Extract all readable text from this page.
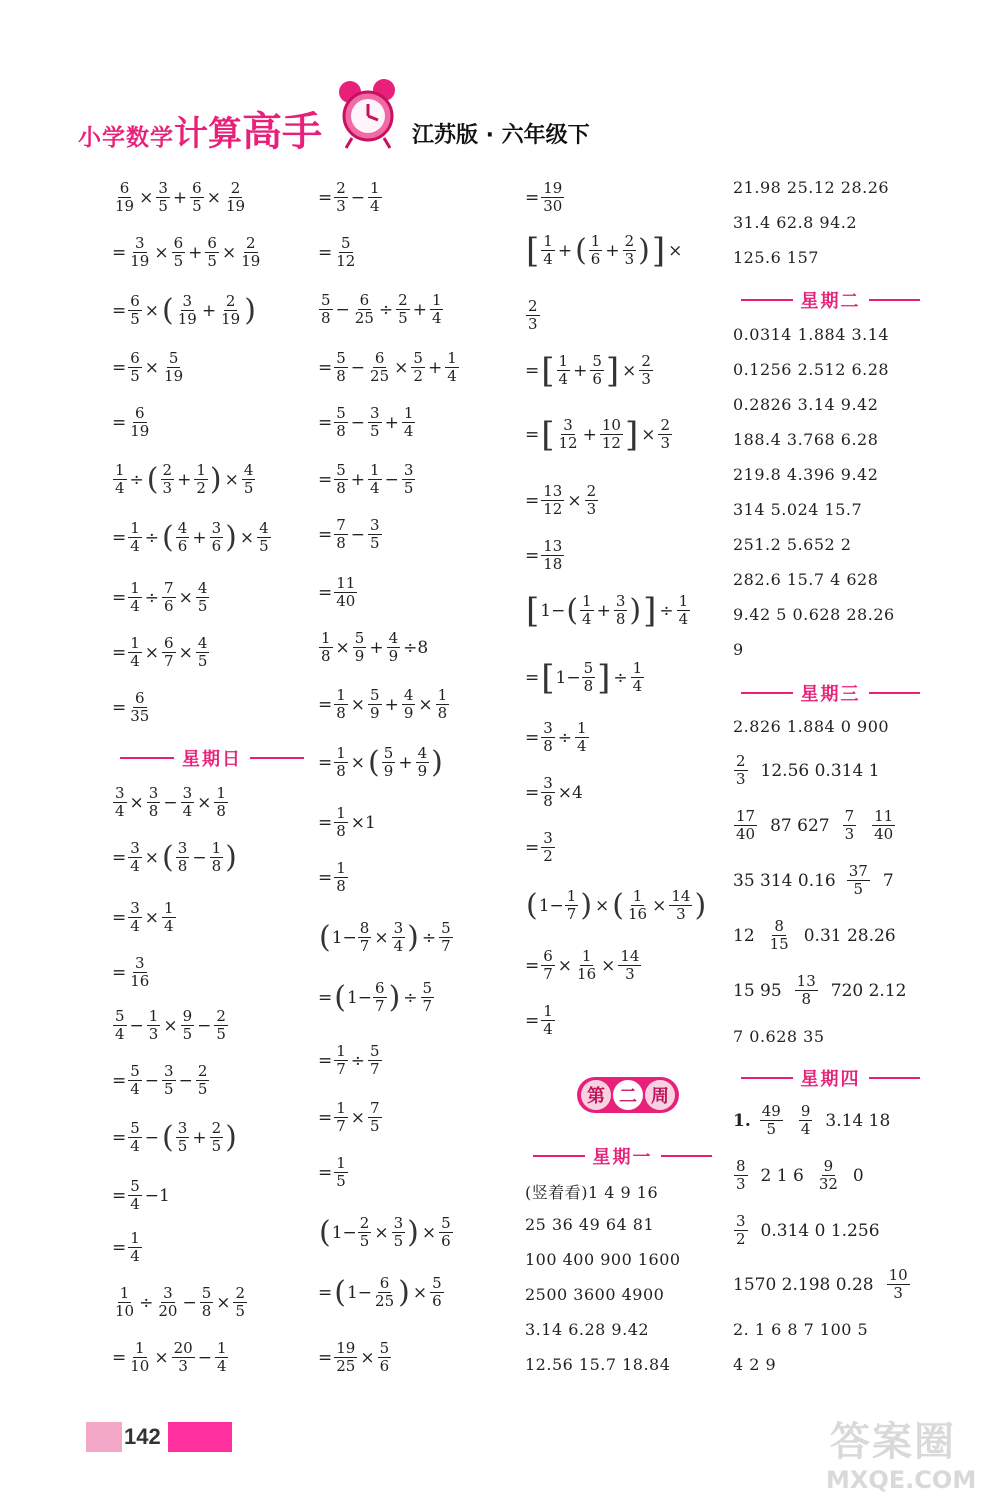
小学数学计算高手	江苏版 · 六年级下
$\frac{6}{19} \times \frac{3}{5} + \frac{6}{5} \times \frac{2}{19}$
= $\frac{3}{19} \times \frac{6}{5} + \frac{6}{5} \times \frac{2}{19}$
= $\frac{6}{5}$ × ( $\frac{3}{19} + \frac{2}{19}$ )
= $\frac{6}{5} \times \frac{5}{19}$
= $\frac{6}{19}$
$\frac{1}{4}$ ÷ ( $\frac{2}{3} + \frac{1}{2}$ ) × $\frac{4}{5}$
= $\frac{1}{4}$ ÷ ( $\frac{4}{6} + \frac{3}{6}$ ) × $\frac{4}{5}$
= $\frac{1}{4} \div \frac{7}{6} \times \frac{4}{5}$
= $\frac{1}{4} \times \frac{6}{7} \times \frac{4}{5}$
= $\frac{6}{35}$
星期日
$\frac{3}{4} \times \frac{3}{8} - \frac{3}{4} \times \frac{1}{8}$
= $\frac{3}{4}$ × ( $\frac{3}{8} - \frac{1}{8}$ )
= $\frac{3}{4} \times \frac{1}{4}$
= $\frac{3}{16}$
$\frac{5}{4} - \frac{1}{3} \times \frac{9}{5} - \frac{2}{5}$
= $\frac{5}{4} - \frac{3}{5} - \frac{2}{5}$
= $\frac{5}{4}$ − ( $\frac{3}{5} + \frac{2}{5}$ )
= $\frac{5}{4} -1$
= $\frac{1}{4}$
$\frac{1}{10} \div \frac{3}{20} - \frac{5}{8} \times \frac{2}{5}$
= $\frac{1}{10} \times \frac{20}{3} - \frac{1}{4}$
= $\frac{2}{3} - \frac{1}{4}$
= $\frac{5}{12}$
$\frac{5}{8} - \frac{6}{25} \div \frac{2}{5} + \frac{1}{4}$
= $\frac{5}{8} - \frac{6}{25} \times \frac{5}{2} + \frac{1}{4}$
= $\frac{5}{8} - \frac{3}{5} + \frac{1}{4}$
= $\frac{5}{8} + \frac{1}{4} - \frac{3}{5}$
= $\frac{7}{8} - \frac{3}{5}$
= $\frac{11}{40}$
$\frac{1}{8} \times \frac{5}{9} + \frac{4}{9} \div 8$
= $\frac{1}{8} \times \frac{5}{9} + \frac{4}{9} \times \frac{1}{8}$
= $\frac{1}{8}$ × ( $\frac{5}{9} + \frac{4}{9}$ )
= $\frac{1}{8} \times 1$
= $\frac{1}{8}$
( $1- \frac{8}{7} \times \frac{3}{4}$ ) ÷ $\frac{5}{7}$
= ( $1- \frac{6}{7}$ ) ÷ $\frac{5}{7}$
= $\frac{1}{7} \div \frac{5}{7}$
= $\frac{1}{7} \times \frac{7}{5}$
= $\frac{1}{5}$
( $1- \frac{2}{5} \times \frac{3}{5}$ ) × $\frac{5}{6}$
= ( $1- \frac{6}{25}$ ) × $\frac{5}{6}$
= $\frac{19}{25} \times \frac{5}{6}$
= $\frac{19}{30}$
[ $\frac{1}{4}$ + ( $\frac{1}{6} + \frac{2}{3}$ ) ] ×
$\frac{2}{3}$
= [ $\frac{1}{4} + \frac{5}{6}$ ] × $\frac{2}{3}$
= [ $\frac{3}{12} + \frac{10}{12}$ ] × $\frac{2}{3}$
= $\frac{13}{12} \times \frac{2}{3}$
= $\frac{13}{18}$
[ 1− ( $\frac{1}{4} + \frac{3}{8}$ ) ] ÷ $\frac{1}{4}$
= [ $1- \frac{5}{8}$ ] ÷ $\frac{1}{4}$
= $\frac{3}{8} \div \frac{1}{4}$
= $\frac{3}{8} \times 4$
= $\frac{3}{2}$
( $1- \frac{1}{7}$ ) × ( $\frac{1}{16} \times \frac{14}{3}$ )
= $\frac{6}{7} \times \frac{1}{16} \times \frac{14}{3}$
= $\frac{1}{4}$
第 二 周
星期一
(竖着看)1 4 9 16
25 36 49 64 81
100 400 900 1600
2500 3600 4900
3.14 6.28 9.42
12.56 15.7 18.84
21.98 25.12 28.26
31.4 62.8 94.2
125.6 157
星期二
0.0314 1.884 3.14
0.1256 2.512 6.28
0.2826 3.14 9.42
188.4 3.768 6.28
219.8 4.396 9.42
314 5.024 15.7
251.2 5.652 2
282.6 15.7 4 628
9.42 5 0.628 28.26
9
星期三
2.826 1.884 0 900
$\frac{2}{3} 12.56$ 0.314 1
$\frac{17}{40} 87$ $627 \frac{7}{3} \frac{11}{40}$
35 314 $0.16 \frac{37}{5} 7$
$12 \frac{8}{15} 0.31$ 28.26
15 $95 \frac{13}{8} 720$ 2.12
7 0.628 35
星期四
1. $\frac{49}{5} \frac{9}{4} 3.14$ 18
$\frac{8}{3} 2$ 1 $6 \frac{9}{32} 0$
$\frac{3}{2} 0.314$ 0 1.256
1570 2.198 $0.28 \frac{10}{3}$
2. 1 6 8 7 100 5
4 2 9
142	答案圈
MXQE.COM
